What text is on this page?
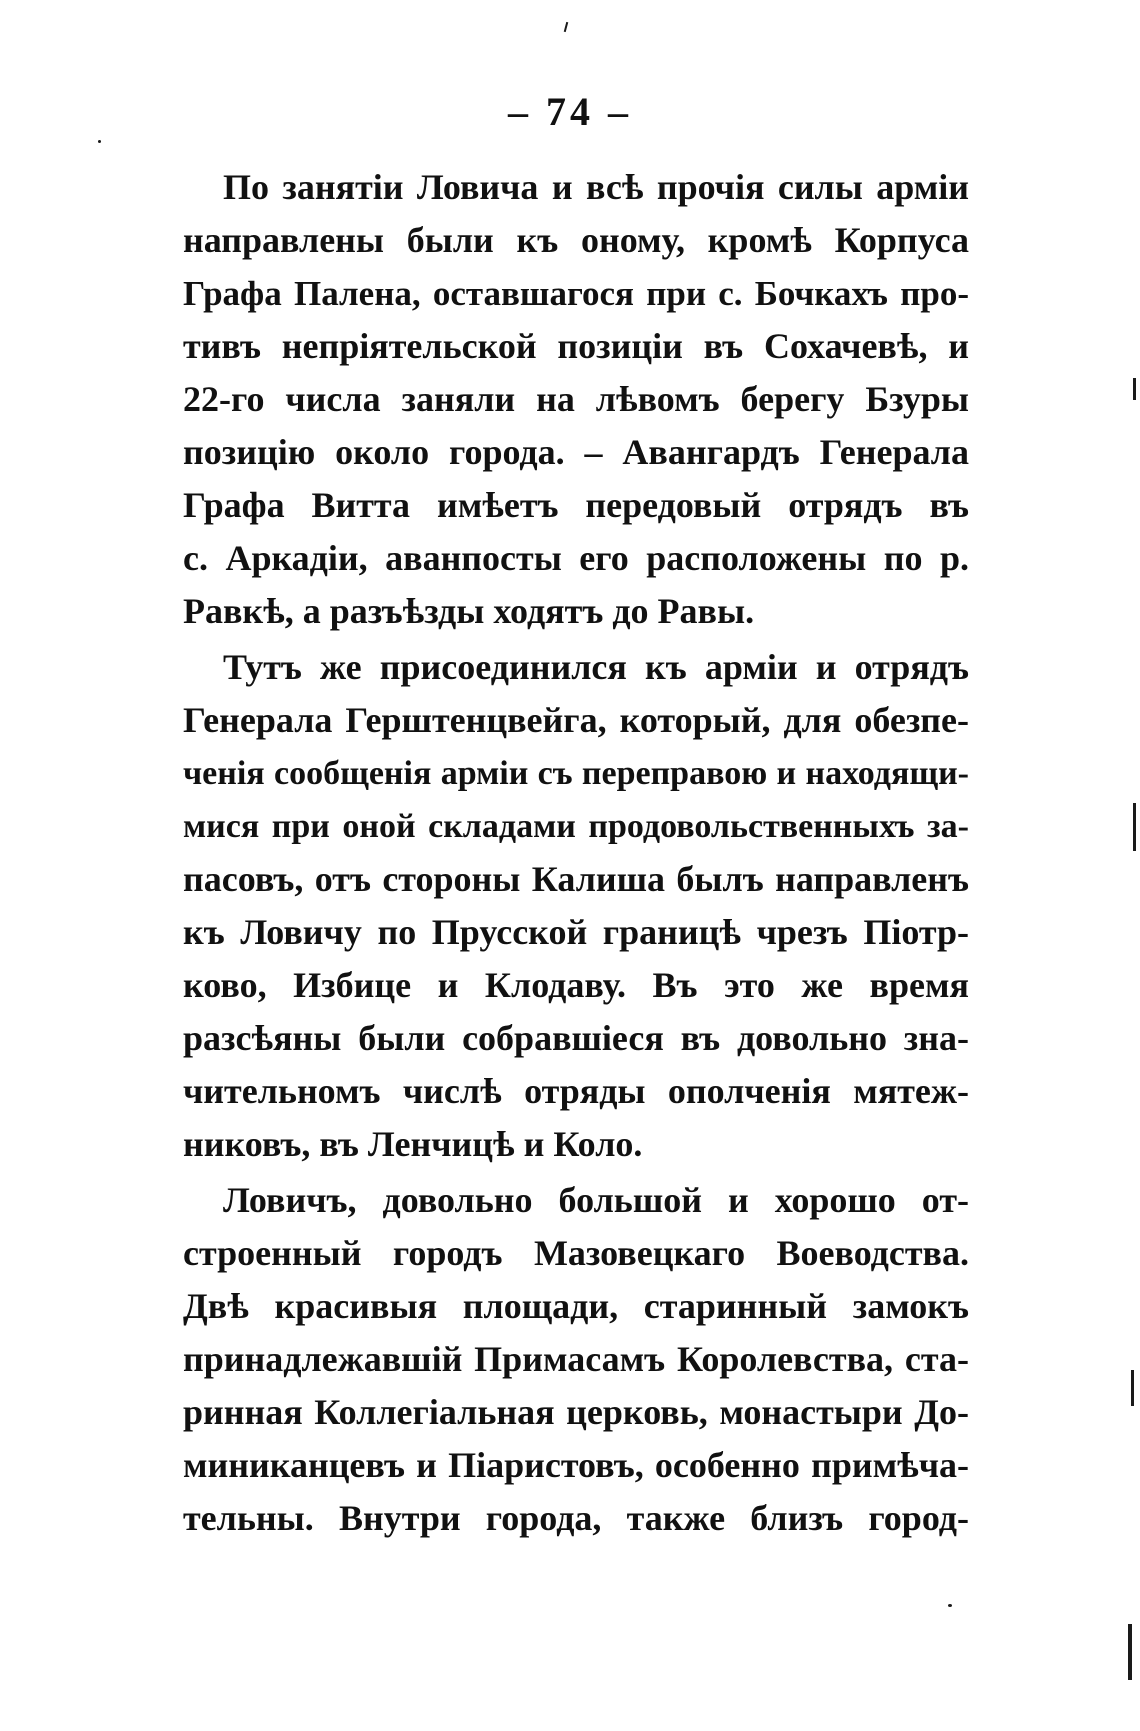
– 74 –
По занятіи Ловича и всѣ прочія силы арміи
направлены были къ оному, кромѣ Корпуса
Графа Палена, оставшагося при с. Бочкахъ про-
тивъ непріятельской позиціи въ Сохачевѣ, и
22-го числа заняли на лѣвомъ берегу Бзуры
позицію около города. – Авангардъ Генерала
Графа Витта имѣетъ передовый отрядъ въ
с. Аркадіи, аванпосты его расположены по р.
Равкѣ, а разъѣзды ходятъ до Равы.
Тутъ же присоединился къ арміи и отрядъ
Генерала Герштенцвейга, который, для обезпе-
ченія сообщенія арміи съ переправою и находящи-
мися при оной складами продовольственныхъ за-
пасовъ, отъ стороны Калиша былъ направленъ
къ Ловичу по Прусской границѣ чрезъ Піотр-
ково, Избице и Клодаву. Въ это же время
разсѣяны были собравшіеся въ довольно зна-
чительномъ числѣ отряды ополченія мятеж-
никовъ, въ Ленчицѣ и Коло.
Ловичъ, довольно большой и хорошо от-
строенный городъ Мазовецкаго Воеводства.
Двѣ красивыя площади, старинный замокъ
принадлежавшій Примасамъ Королевства, ста-
ринная Коллегіальная церковь, монастыри До-
миниканцевъ и Піаристовъ, особенно примѣча-
тельны. Внутри города, также близъ город-
